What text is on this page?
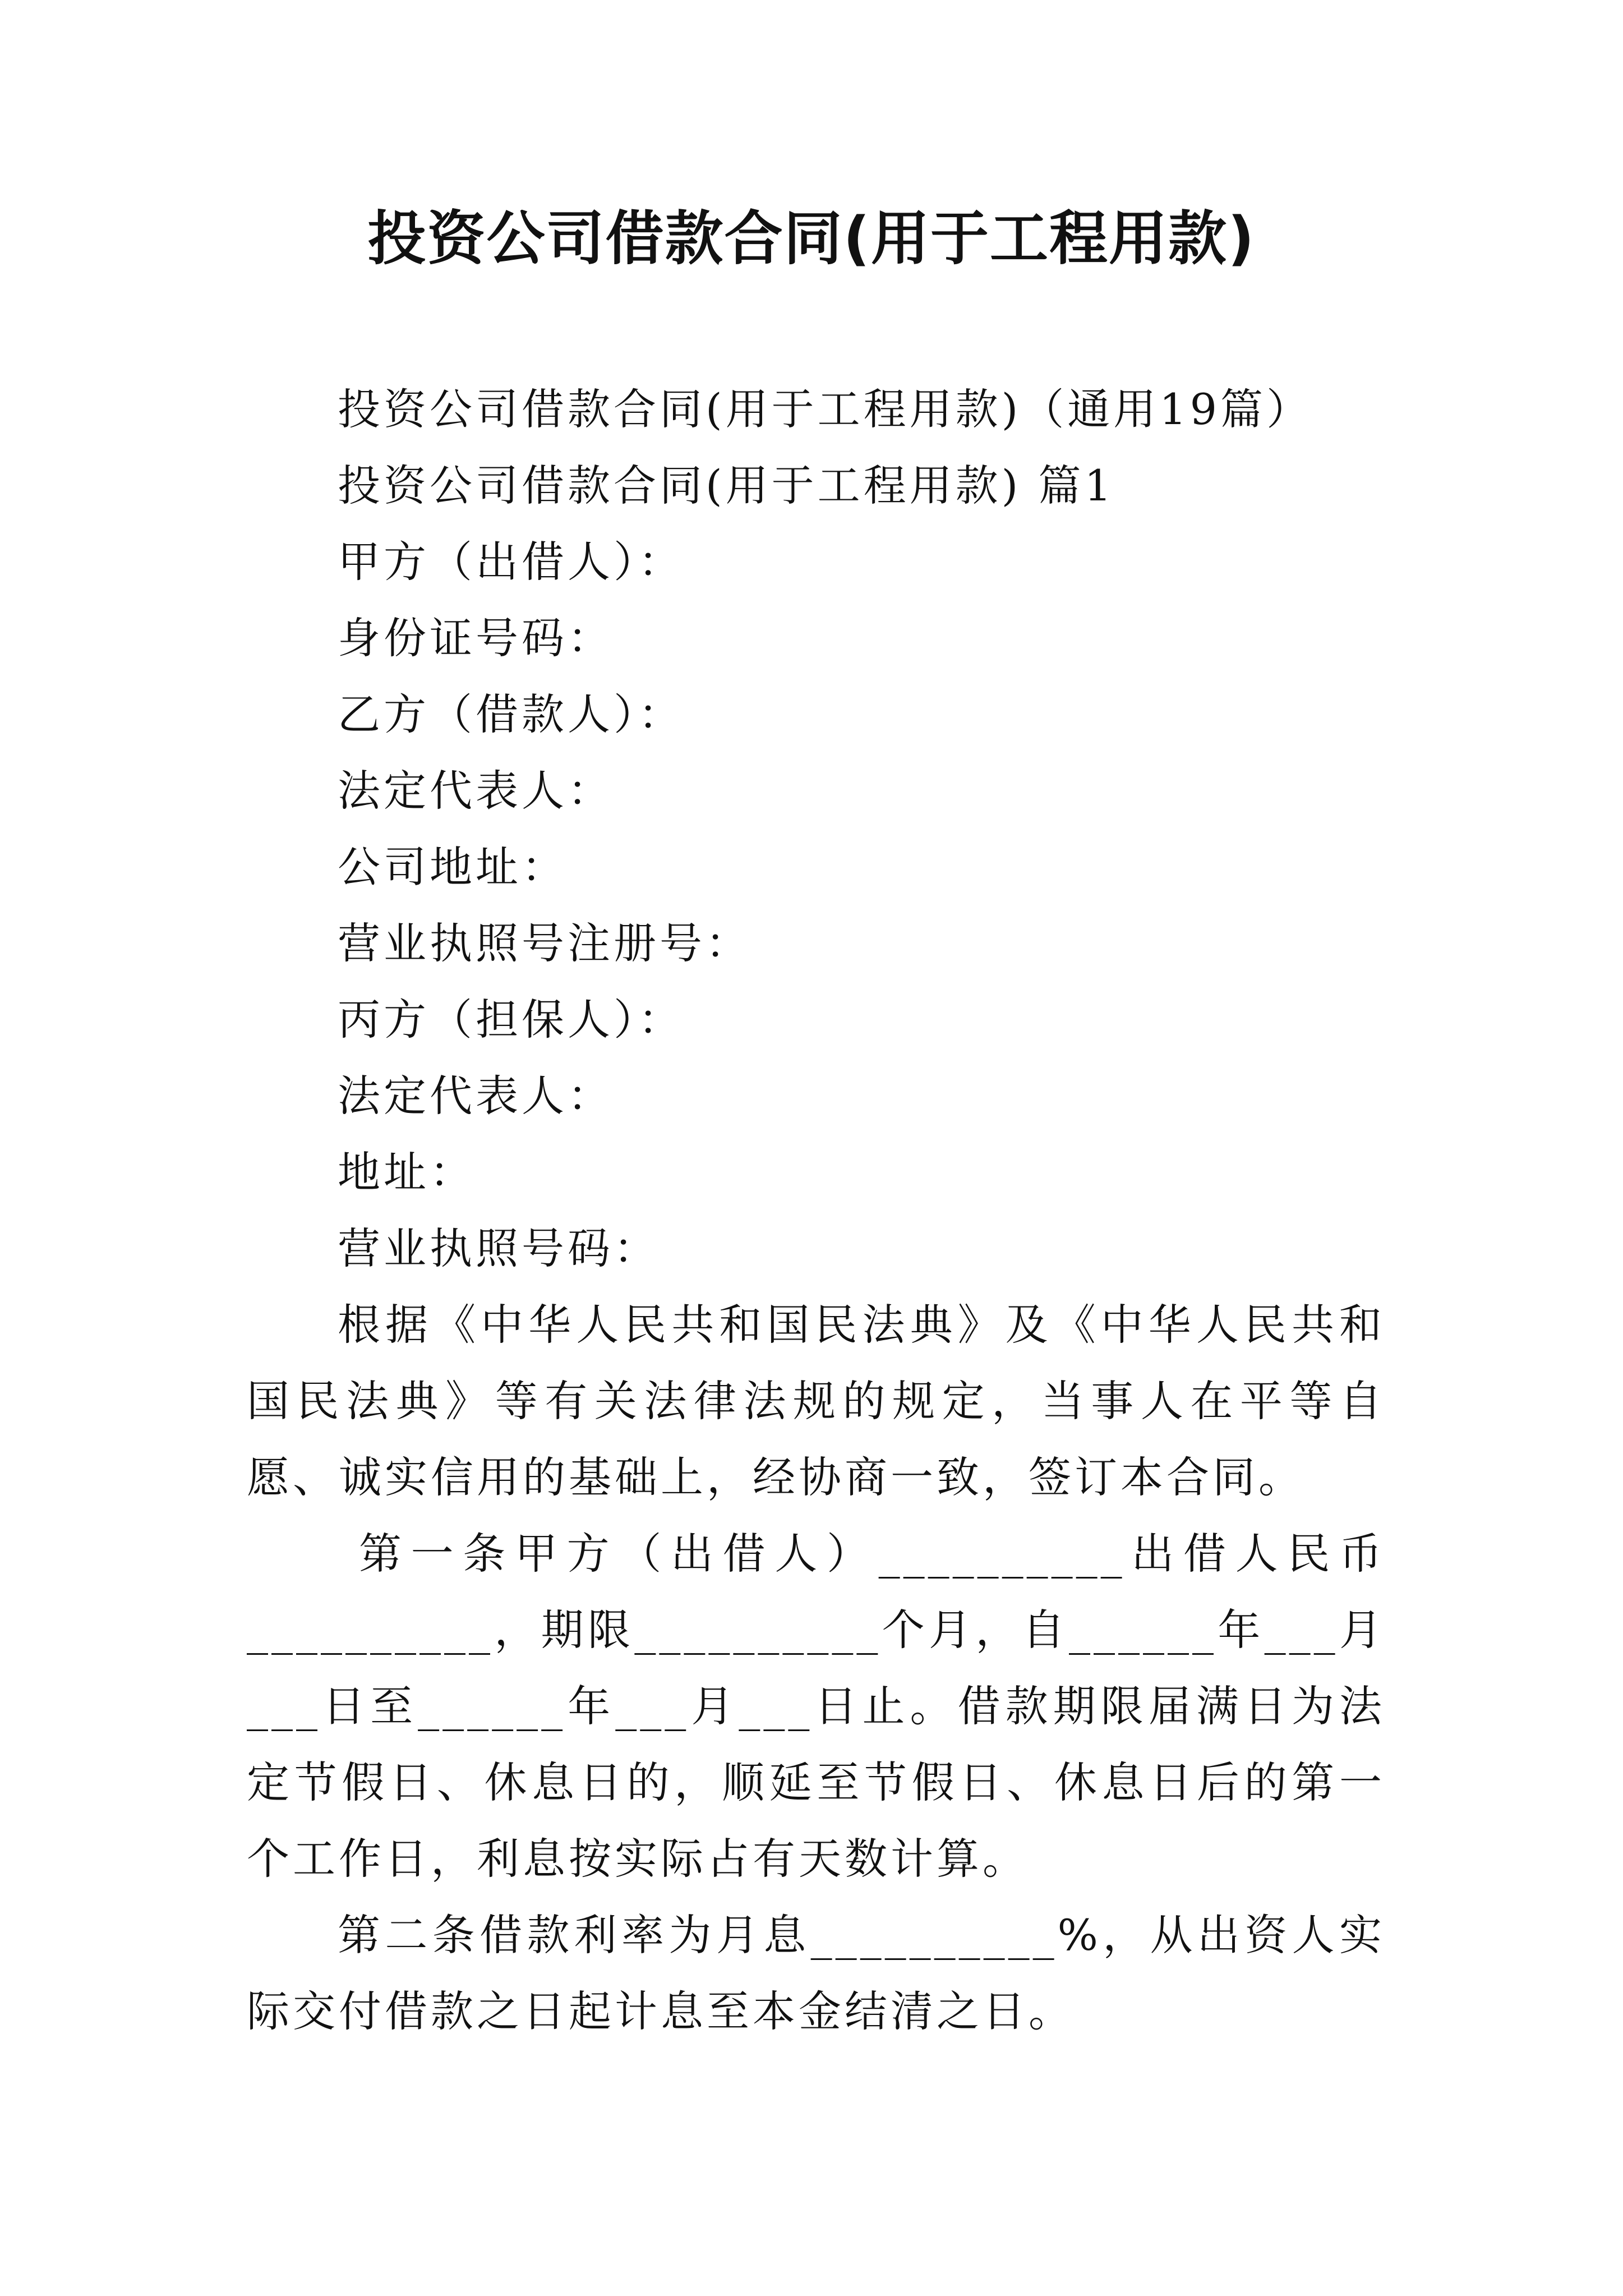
投资公司借款合同(用于工程用款)
投资公司借款合同(用于工程用款)（通用19篇）
投资公司借款合同(用于工程用款) 篇1
甲方（出借人）：
身份证号码：
乙方（借款人）：
法定代表人：
公司地址：
营业执照号注册号：
丙方（担保人）：
法定代表人：
地址：
营业执照号码：
根据《中华人民共和国民法典》及《中华人民共和国民法典》等有关法律法规的规定，当事人在平等自愿、诚实信用的基础上，经协商一致，签订本合同。
第一条甲方（出借人）__________出借人民币__________，期限__________个月，自______年___月___日至______年___月___日止。借款期限届满日为法定节假日、休息日的，顺延至节假日、休息日后的第一个工作日，利息按实际占有天数计算。
第二条借款利率为月息__________%，从出资人实际交付借款之日起计息至本金结清之日。
